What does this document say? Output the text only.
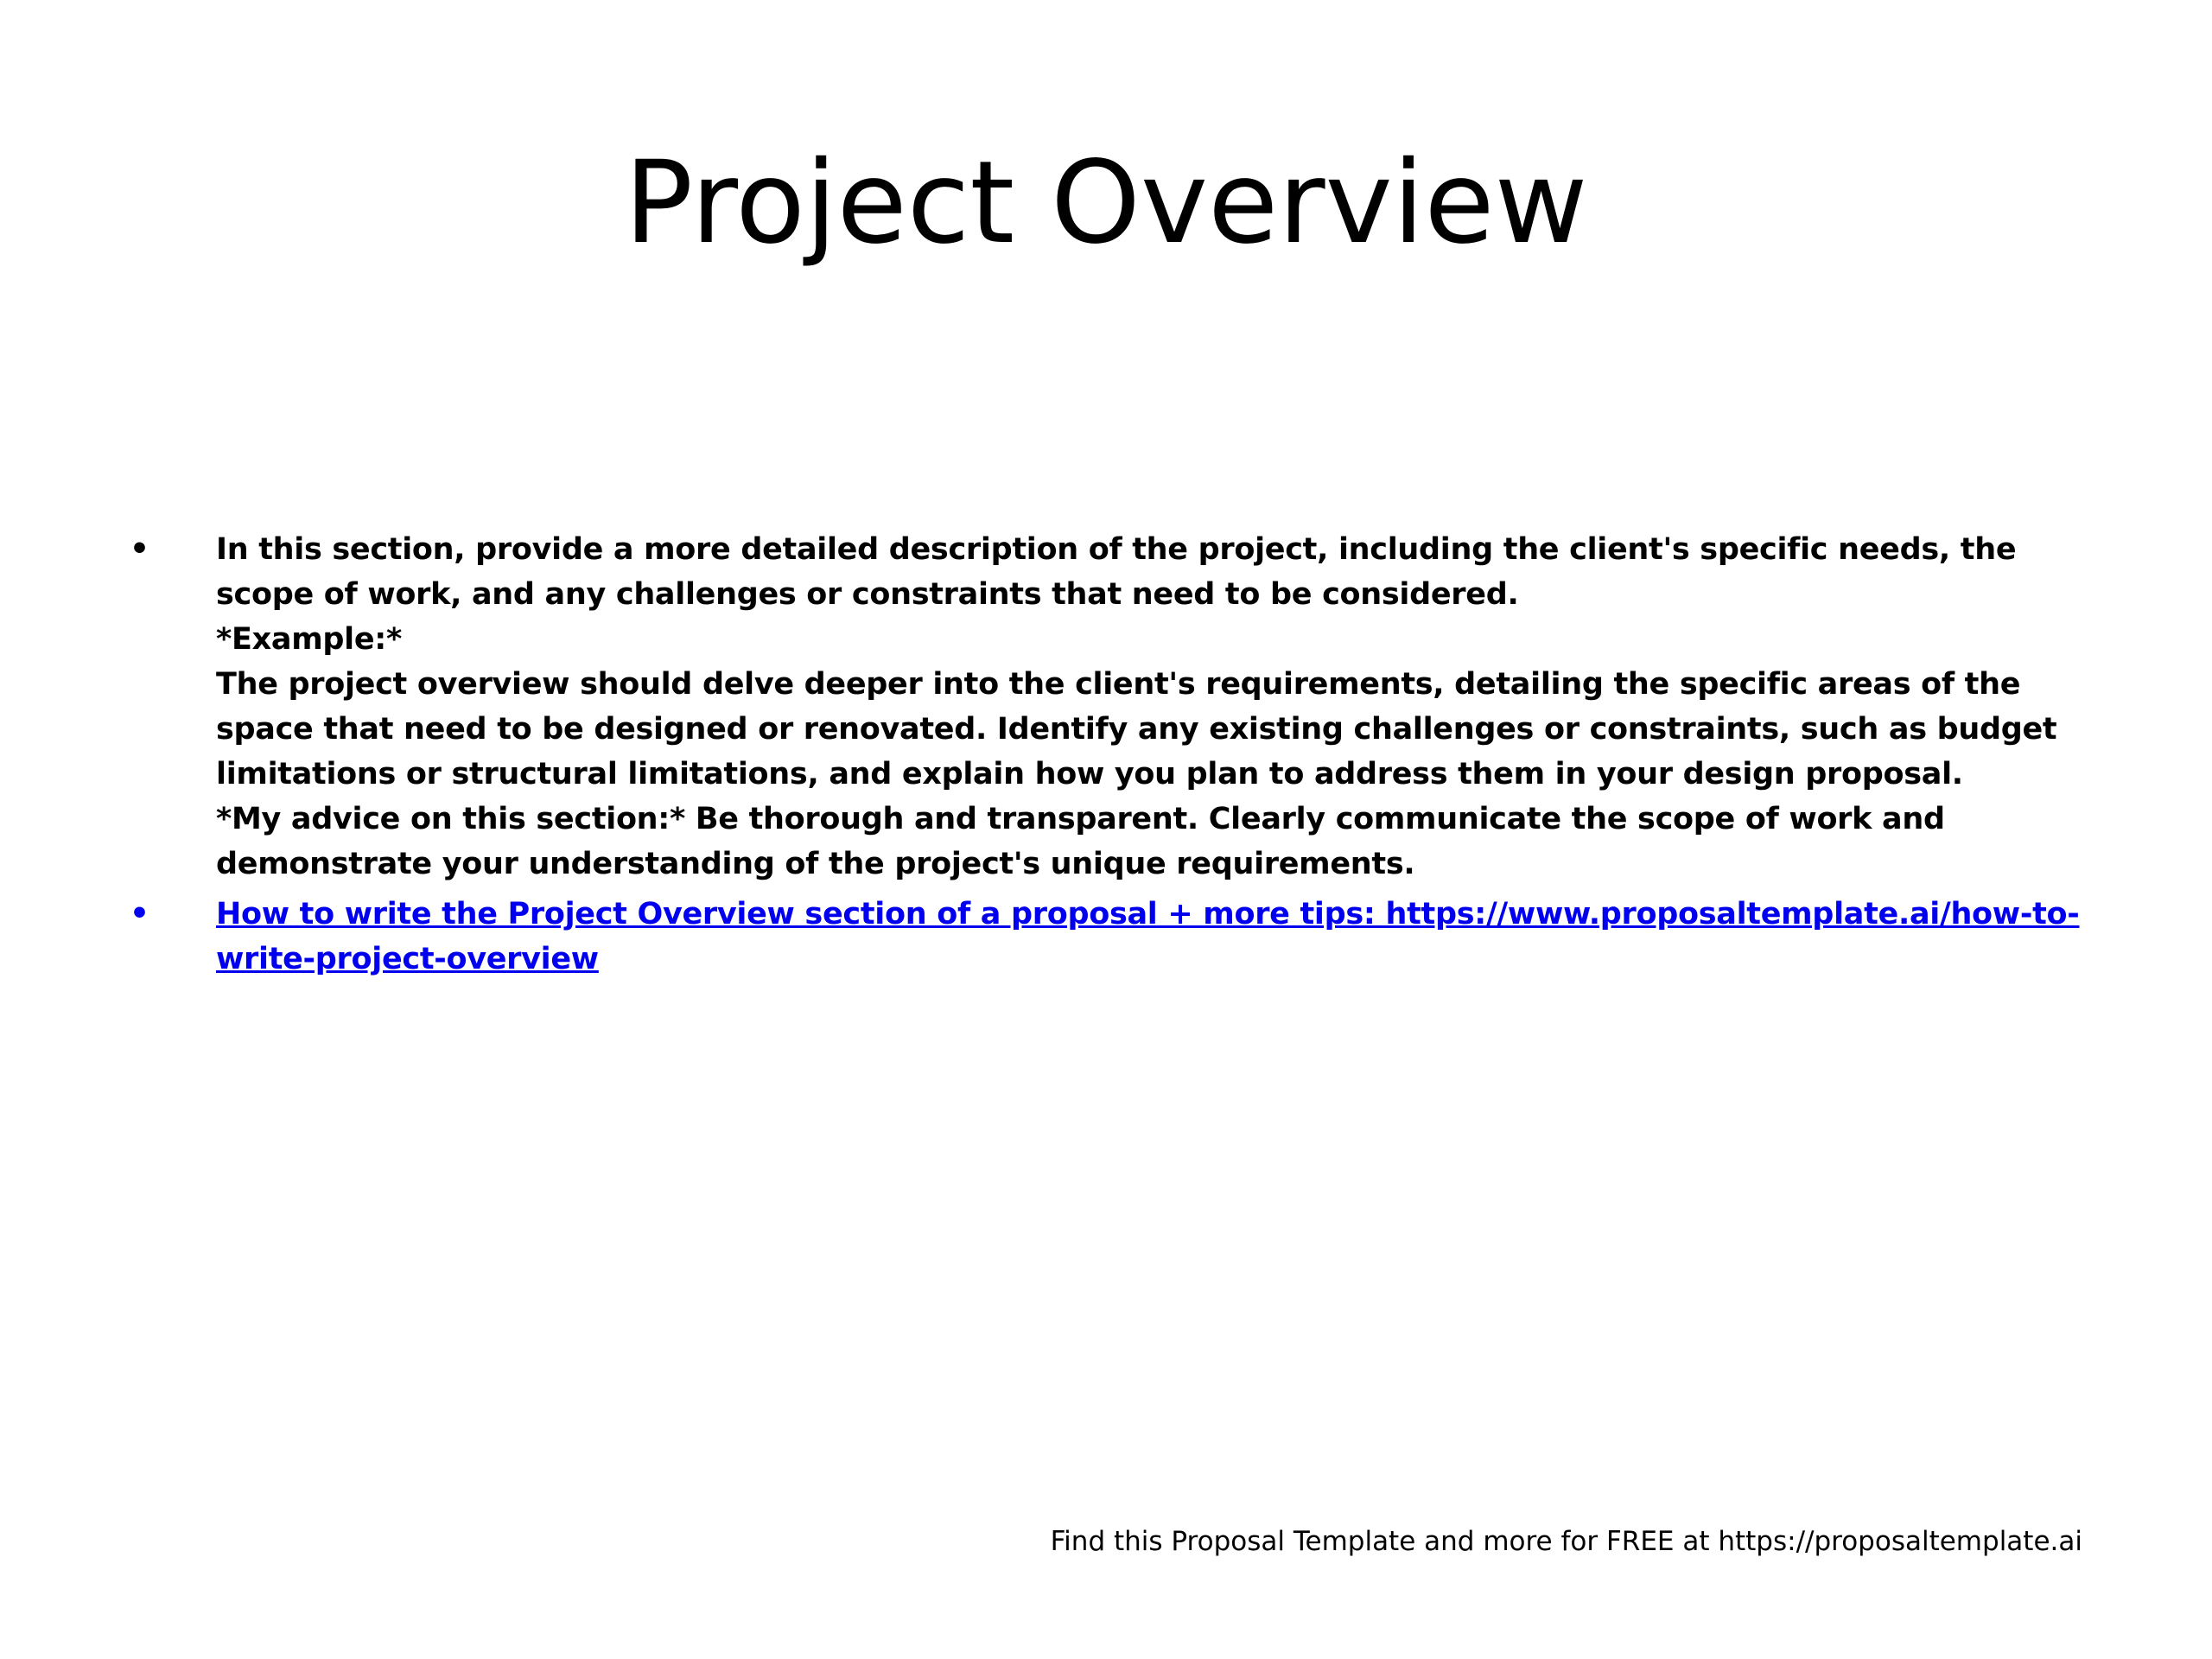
Project Overview
•	In this section, provide a more detailed description of the project, including the client's specific needs, the scope of work, and any challenges or constraints that need to be considered.
*Example:*
The project overview should delve deeper into the client's requirements, detailing the specific areas of the space that need to be designed or renovated. Identify any existing challenges or constraints, such as budget limitations or structural limitations, and explain how you plan to address them in your design proposal.
*My advice on this section:* Be thorough and transparent. Clearly communicate the scope of work and demonstrate your understanding of the project's unique requirements.
•	How to write the Project Overview section of a proposal + more tips: https://www.proposaltemplate.ai/how-to-write-project-overview
Find this Proposal Template and more for FREE at https://proposaltemplate.ai
